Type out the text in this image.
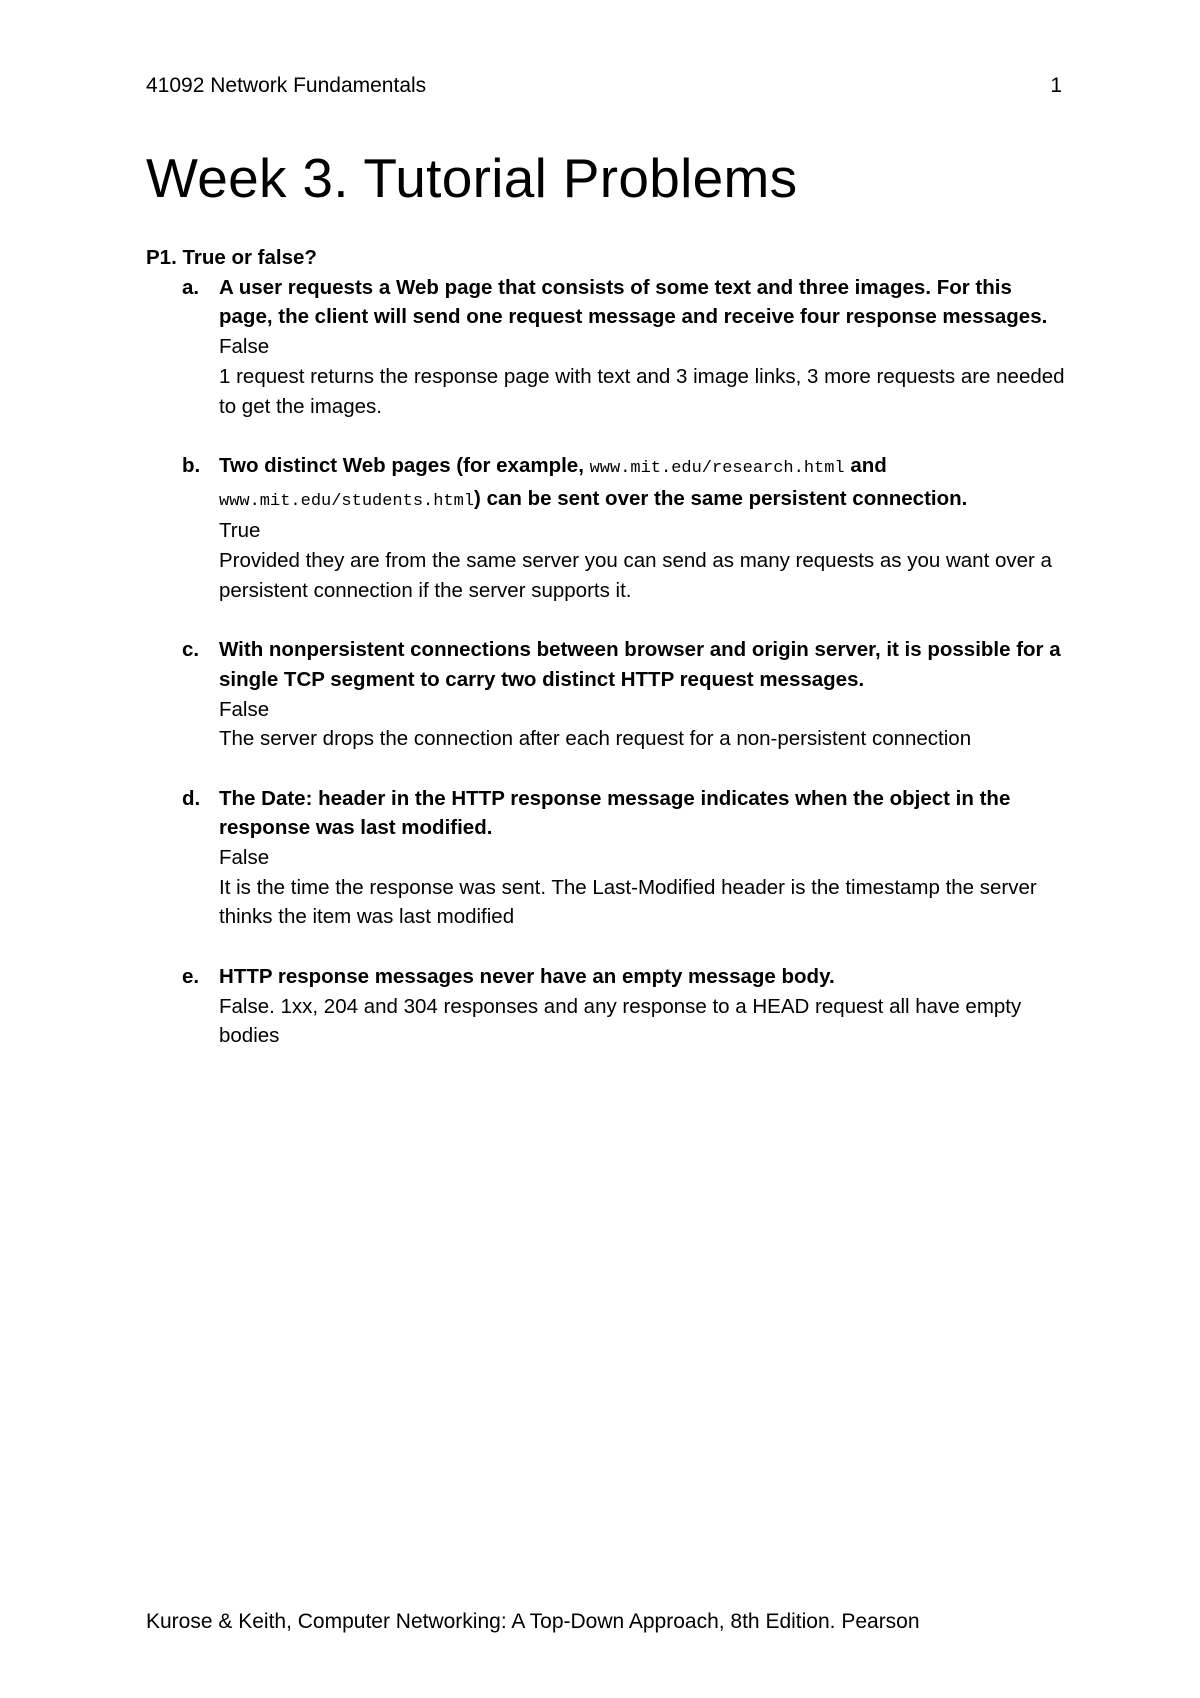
41092 Network Fundamentals	1
Week 3. Tutorial Problems
P1. True or false?
a. A user requests a Web page that consists of some text and three images. For this page, the client will send one request message and receive four response messages.
False
1 request returns the response page with text and 3 image links, 3 more requests are needed to get the images.
b. Two distinct Web pages (for example, www.mit.edu/research.html and
www.mit.edu/students.html) can be sent over the same persistent connection.
True
Provided they are from the same server you can send as many requests as you want over a persistent connection if the server supports it.
c. With nonpersistent connections between browser and origin server, it is possible for a single TCP segment to carry two distinct HTTP request messages.
False
The server drops the connection after each request for a non-persistent connection
d. The Date: header in the HTTP response message indicates when the object in the response was last modified.
False
It is the time the response was sent. The Last-Modified header is the timestamp the server thinks the item was last modified
e. HTTP response messages never have an empty message body.
False. 1xx, 204 and 304 responses and any response to a HEAD request all have empty bodies
Kurose & Keith, Computer Networking: A Top-Down Approach, 8th Edition. Pearson
